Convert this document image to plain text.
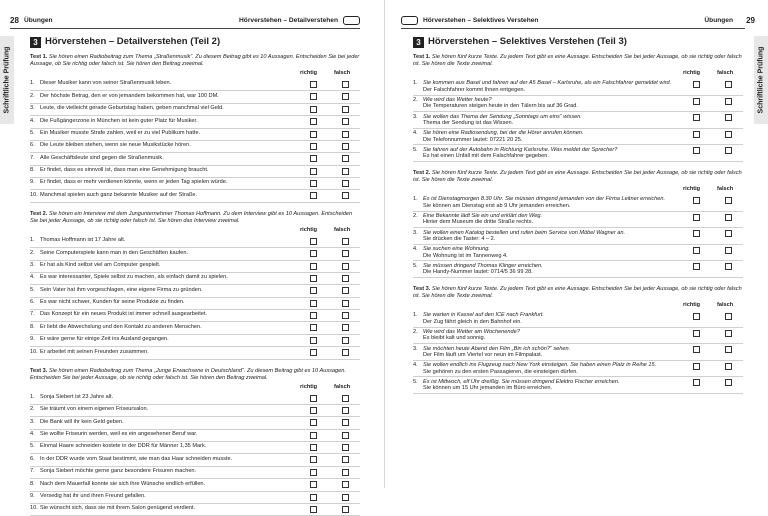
28 Übungen	Hörverstehen – Detailverstehen
Schriftliche Prüfung
3 Hörverstehen – Detailverstehen (Teil 2)

Test 1. Sie hören einen Radiobeitrag zum Thema „Straßenmusik“. Zu diesem Beitrag gibt es 10 Aussagen. Entscheiden Sie bei jeder Aussage, ob Sie richtig oder falsch ist. Sie hören den Beitrag zweimal.

richtig	falsch
1. Dieser Musiker kann von seiner Straßenmusik leben.
2. Der höchste Betrag, den er von jemandem bekommen hat, war 100 DM.
3. Leute, die vielleicht gerade Geburtstag haben, geben manchmal viel Geld.
4. Die Fußgängerzone in München ist kein guter Platz für Musiker.
5. Ein Musiker musste Strafe zahlen, weil er zu viel Publikum hatte.
6. Die Leute bleiben stehen, wenn sie neue Musikstücke hören.
7. Alle Geschäftsleute sind gegen die Straßenmusik.
8. Er findet, dass es sinnvoll ist, dass man eine Genehmigung braucht.
9. Er findet, dass er mehr verdienen könnte, wenn er jeden Tag spielen würde.
10. Manchmal spielen auch ganz bekannte Musiker auf der Straße.

Test 2. Sie hören ein Interview mit dem Jungunternehmer Thomas Hoffmann. Zu dem Interview gibt es 10 Aussagen. Entscheiden Sie bei jeder Aussage, ob sie richtig oder falsch ist. Sie hören das Interview zweimal.

richtig	falsch
1. Thomas Hoffmann ist 17 Jahre alt.
2. Seine Computerspiele kann man in den Geschäften kaufen.
3. Er hat als Kind selbst viel am Computer gespielt.
4. Es war interessanter, Spiele selbst zu machen, als einfach damit zu spielen.
5. Sein Vater hat ihm vorgeschlagen, eine eigene Firma zu gründen.
6. Es war nicht schwer, Kunden für seine Produkte zu finden.
7. Das Konzept für ein neues Produkt ist immer schnell ausgearbeitet.
8. Er liebt die Abwechslung und den Kontakt zu anderen Menschen.
9. Er wäre gerne für einige Zeit ins Ausland gegangen.
10. Er arbeitet mit seinen Freunden zusammen.

Test 3. Sie hören einen Radiobeitrag zum Thema „Junge Erwachsene in Deutschland“. Zu diesem Beitrag gibt es 10 Aussagen. Entscheiden Sie bei jeder Aussage, ob sie richtig oder falsch ist. Sie hören den Beitrag zweimal.

richtig	falsch
1. Sonja Siebert ist 23 Jahre alt.
2. Sie träumt von einem eigenen Friseursalon.
3. Die Bank will ihr kein Geld geben.
4. Sie wollte Friseurin werden, weil es ein angesehener Beruf war.
5. Einmal Haare schneiden kostete in der DDR für Männer 1,35 Mark.
6. In der DDR wurde vom Staat bestimmt, wie man das Haar schneiden musste.
7. Sonja Siebert möchte gerne ganz besondere Frisuren machen.
8. Nach dem Mauerfall konnte sie sich ihre Wünsche endlich erfüllen.
9. Versedig hat ihr und ihren Freund gefallen.
10. Sie wünscht sich, dass sie mit ihrem Salon genügend verdient.
Hörverstehen – Selektives Verstehen	Übungen 29
Schriftliche Prüfung
3 Hörverstehen – Selektives Verstehen (Teil 3)

Test 1. Sie hören fünf kurze Texte. Zu jedem Text gibt es eine Aussage. Entscheiden Sie bei jeder Aussage, ob sie richtig oder falsch ist. Sie hören die Texte zweimal.

richtig	falsch
1. Sie kommen aus Basel und fahren auf der A5 Basel – Karlsruhe, als ein Falschfahrer gemeldet wird.
Der Falschfahrer kommt Ihnen entgegen.
2. Wie wird das Wetter heute?
Die Temperaturen steigen heute in den Tälern bis auf 36 Grad.
3. Sie wollen das Thema der Sendung „Sonntags um eins“ wissen.
Thema der Sendung ist das Wissen.
4. Sie hören eine Radiosendung, bei der die Hörer anrufen können.
Die Telefonnummer lautet: 07221 20 25.
5. Sie fahren auf der Autobahn in Richtung Karlsruhe. Was meldet der Sprecher?
Es hat einen Unfall mit dem Falschfahrer gegeben.

Test 2. Sie hören fünf kurze Texte. Zu jedem Text gibt es eine Aussage. Entscheiden Sie bei jeder Aussage, ob sie richtig oder falsch ist. Sie hören die Texte zweimal.

richtig	falsch
1. Es ist Dienstagmorgen 8.30 Uhr. Sie müssen dringend jemanden von der Firma Leitner erreichen.
Sie können am Dienstag erst ab 9 Uhr jemanden erreichen.
2. Eine Bekannte lädt Sie ein und erklärt den Weg.
Hinter dem Museum die dritte Straße rechts.
3. Sie wollen einen Katalog bestellen und rufen beim Service von Möbel Wagner an.
Sie drücken die Taster: 4 – 2.
4. Sie suchen eine Wohnung.
Die Wohnung ist im Tannenweg 4.
5. Sie müssen dringend Thomas Klinger erreichen.
Die Handy-Nummer lautet: 0714/5 36 99 28.

Test 3. Sie hören fünf kurze Texte. Zu jedem Text gibt es eine Aussage. Entscheiden Sie bei jeder Aussage, ob sie richtig oder falsch ist. Sie hören die Texte zweimal.

richtig	falsch
1. Sie warten in Kassel auf den ICE nach Frankfurt.
Der Zug fährt gleich in den Bahnhof ein.
2. Wie wird das Wetter am Wochenende?
Es bleibt kalt und sonnig.
3. Sie möchten heute Abend den Film „Bin ich schön?“ sehen.
Der Film läuft um Viertel vor neun im Filmpalast.
4. Sie wollen endlich ins Flugzeug nach New York einsteigen. Sie haben einen Platz in Reihe 15.
Sie gehören zu den ersten Passagieren, die einsteigen dürfen.
5. Es ist Mittwoch, elf Uhr dreißig. Sie müssen dringend Elektro Fischer erreichen.
Sie können um 15 Uhr jemanden im Büro erreichen.
